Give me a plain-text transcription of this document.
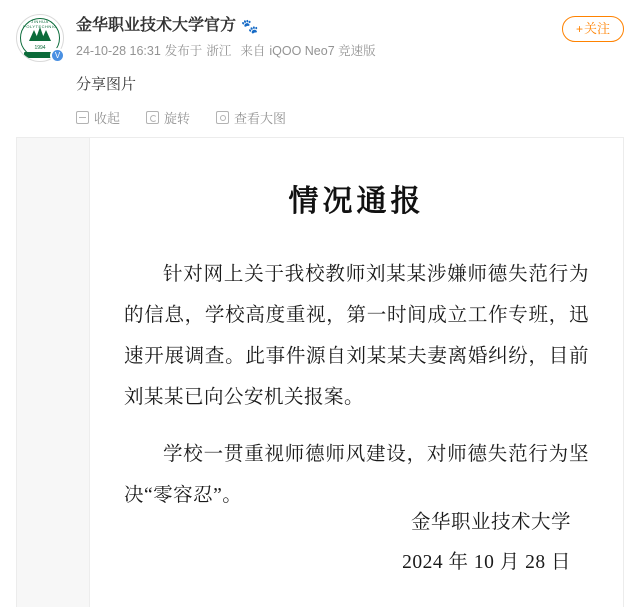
JINHUA POLYTECHNIC
1994
V
金华职业技术大学官方 🐾
24-10-28 16:31 发布于 浙江 来自 iQOO Neo7 竞速版
+关注
分享图片
收起	旋转	查看大图
情况通报

针对网上关于我校教师刘某某涉嫌师德失范行为的信息，学校高度重视，第一时间成立工作专班，迅速开展调查。此事件源自刘某某夫妻离婚纠纷，目前刘某某已向公安机关报案。

学校一贯重视师德师风建设，对师德失范行为坚决“零容忍”。

金华职业技术大学
2024 年 10 月 28 日
